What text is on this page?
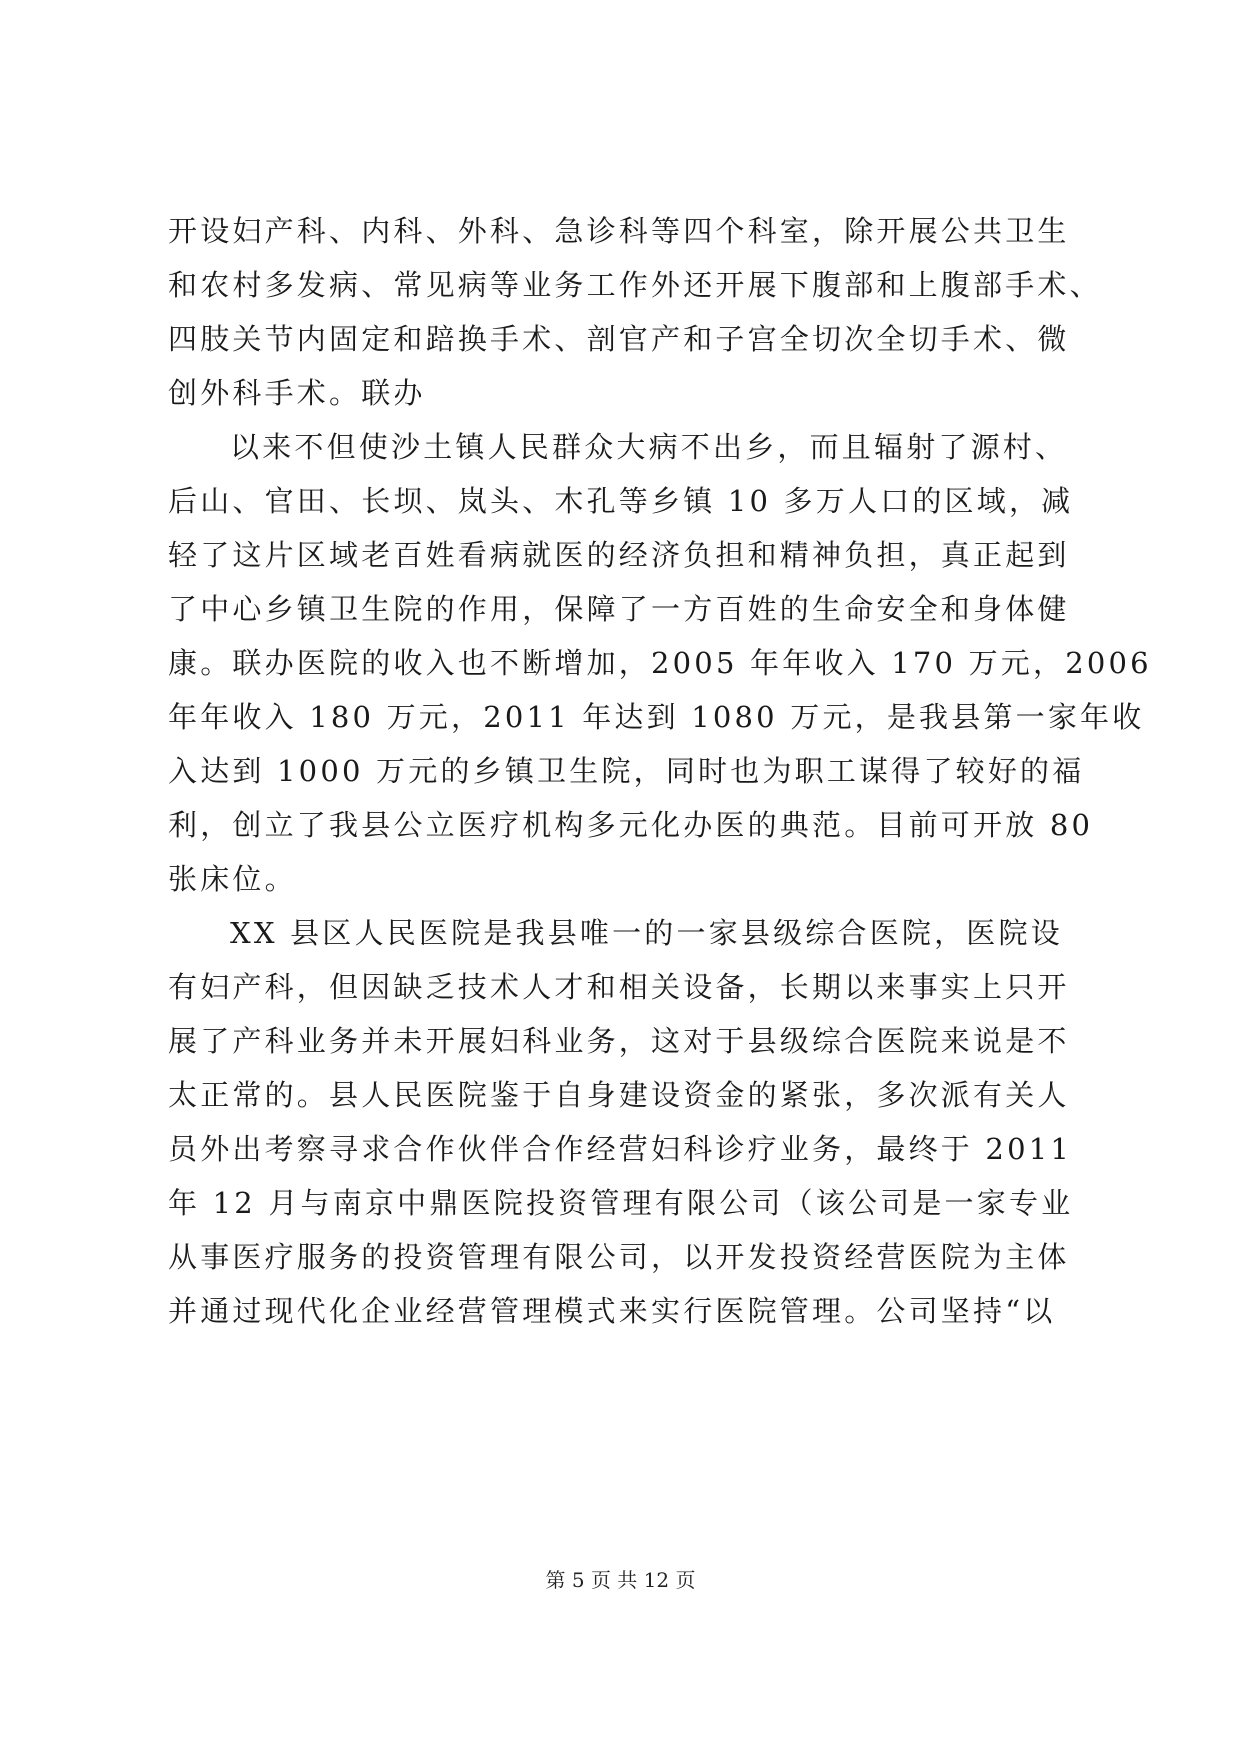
开设妇产科、内科、外科、急诊科等四个科室，除开展公共卫生
和农村多发病、常见病等业务工作外还开展下腹部和上腹部手术、
四肢关节内固定和踣换手术、剖官产和子宫全切次全切手术、微
创外科手术。联办
以来不但使沙土镇人民群众大病不出乡，而且辐射了源村、
后山、官田、长坝、岚头、木孔等乡镇 10 多万人口的区域，减
轻了这片区域老百姓看病就医的经济负担和精神负担，真正起到
了中心乡镇卫生院的作用，保障了一方百姓的生命安全和身体健
康。联办医院的收入也不断增加，2005 年年收入 170 万元，2006
年年收入 180 万元，2011 年达到 1080 万元，是我县第一家年收
入达到 1000 万元的乡镇卫生院，同时也为职工谋得了较好的福
利，创立了我县公立医疗机构多元化办医的典范。目前可开放 80
张床位。
XX 县区人民医院是我县唯一的一家县级综合医院，医院设
有妇产科，但因缺乏技术人才和相关设备，长期以来事实上只开
展了产科业务并未开展妇科业务，这对于县级综合医院来说是不
太正常的。县人民医院鉴于自身建设资金的紧张，多次派有关人
员外出考察寻求合作伙伴合作经营妇科诊疗业务，最终于 2011
年 12 月与南京中鼎医院投资管理有限公司（该公司是一家专业
从事医疗服务的投资管理有限公司，以开发投资经营医院为主体
并通过现代化企业经营管理模式来实行医院管理。公司坚持“以
第 5 页 共 12 页
